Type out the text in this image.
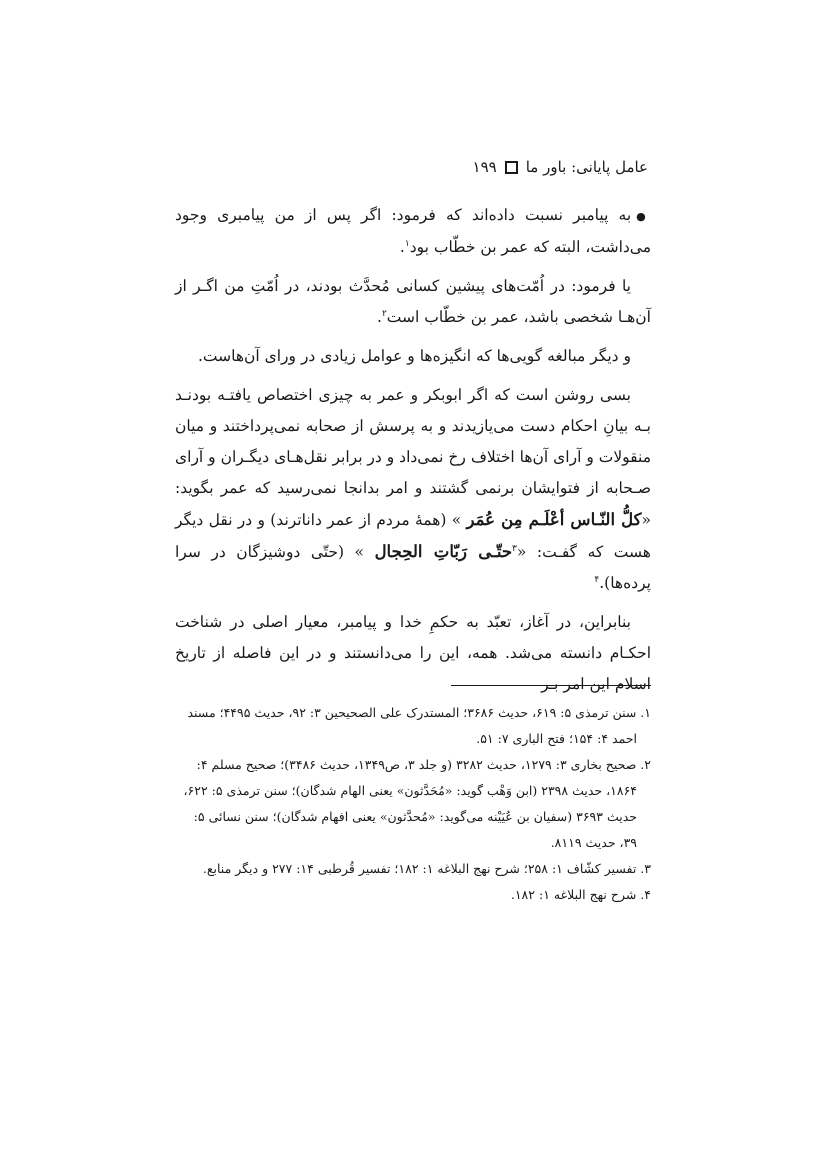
عامل پایانی: باور ما
۱۹۹

●به پیامبر نسبت داده‌اند که فرمود: اگر پس از من پیامبری وجود می‌داشت، البته که عمر بن خطّاب بود$^۱$.

یا فرمود: در اُمّت‌های پیشین کسانی مُحدَّث بودند، در اُمّتِ من اگـر از آن‌هـا شخصی باشد، عمر بن خطّاب است$^۲$.

و دیگر مبالغه گویی‌ها که انگیزه‌ها و عوامل زیادی در ورای آن‌هاست.

بسی روشن است که اگر ابوبکر و عمر به چیزی اختصاص یافتـه بودنـد بـه بیانِ احکام دست می‌یازیدند و به پرسش از صحابه نمی‌پرداختند و میان منقولات و آرای آن‌ها اختلاف رخ نمی‌داد و در برابر نقل‌هـای دیگـران و آرای صـحابه از فتوایشان برنمی گشتند و امر بدانجا نمی‌رسید که عمر بگوید: «كلُّ النّـاس أعْلَـم مِن عُمَر » (همهٔ مردم از عمر داناترند) و در نقل دیگر هست که گفـت: «$^۳$حتّـى رَبّاتِ الحِجال » (حتّی دوشیزگان در سرا پرده‌ها).$^۴$

بنابراین، در آغاز، تعبّد به حکمِ خدا و پیامبر، معیار اصلی در شناخت احکـام دانسته می‌شد. همه، این را می‌دانستند و در این فاصله از تاریخ اسلام این امر بـر

۱. سنن ترمذی ۵: ۶۱۹، حدیث ۳۶۸۶؛ المستدرک علی الصحیحین ۳: ۹۲، حدیث ۴۴۹۵؛ مسند احمد ۴: ۱۵۴؛ فتح الباری ۷: ۵۱.

۲. صحیح بخاری ۳: ۱۲۷۹، حدیث ۳۲۸۲ (و جلد ۳، ص۱۳۴۹، حدیث ۳۴۸۶)؛ صحیح مسلم ۴: ۱۸۶۴، حدیث ۲۳۹۸ (ابن وَهْب گوید: «مُحَدَّثون» یعنی الهام شدگان)؛ سنن ترمذی ۵: ۶۲۲، حدیث ۳۶۹۳ (سفیان بن عُیَیْنه می‌گوید: «مُحدَّثون» یعنی افهام شدگان)؛ سنن نسائی ۵: ۳۹، حدیث ۸۱۱۹.

۳. تفسیر کشّاف ۱: ۲۵۸؛ شرح نهج البلاغه ۱: ۱۸۲؛ تفسیر قُرطبی ۱۴: ۲۷۷ و دیگر منابع.

۴. شرح نهج البلاغه ۱: ۱۸۲.
